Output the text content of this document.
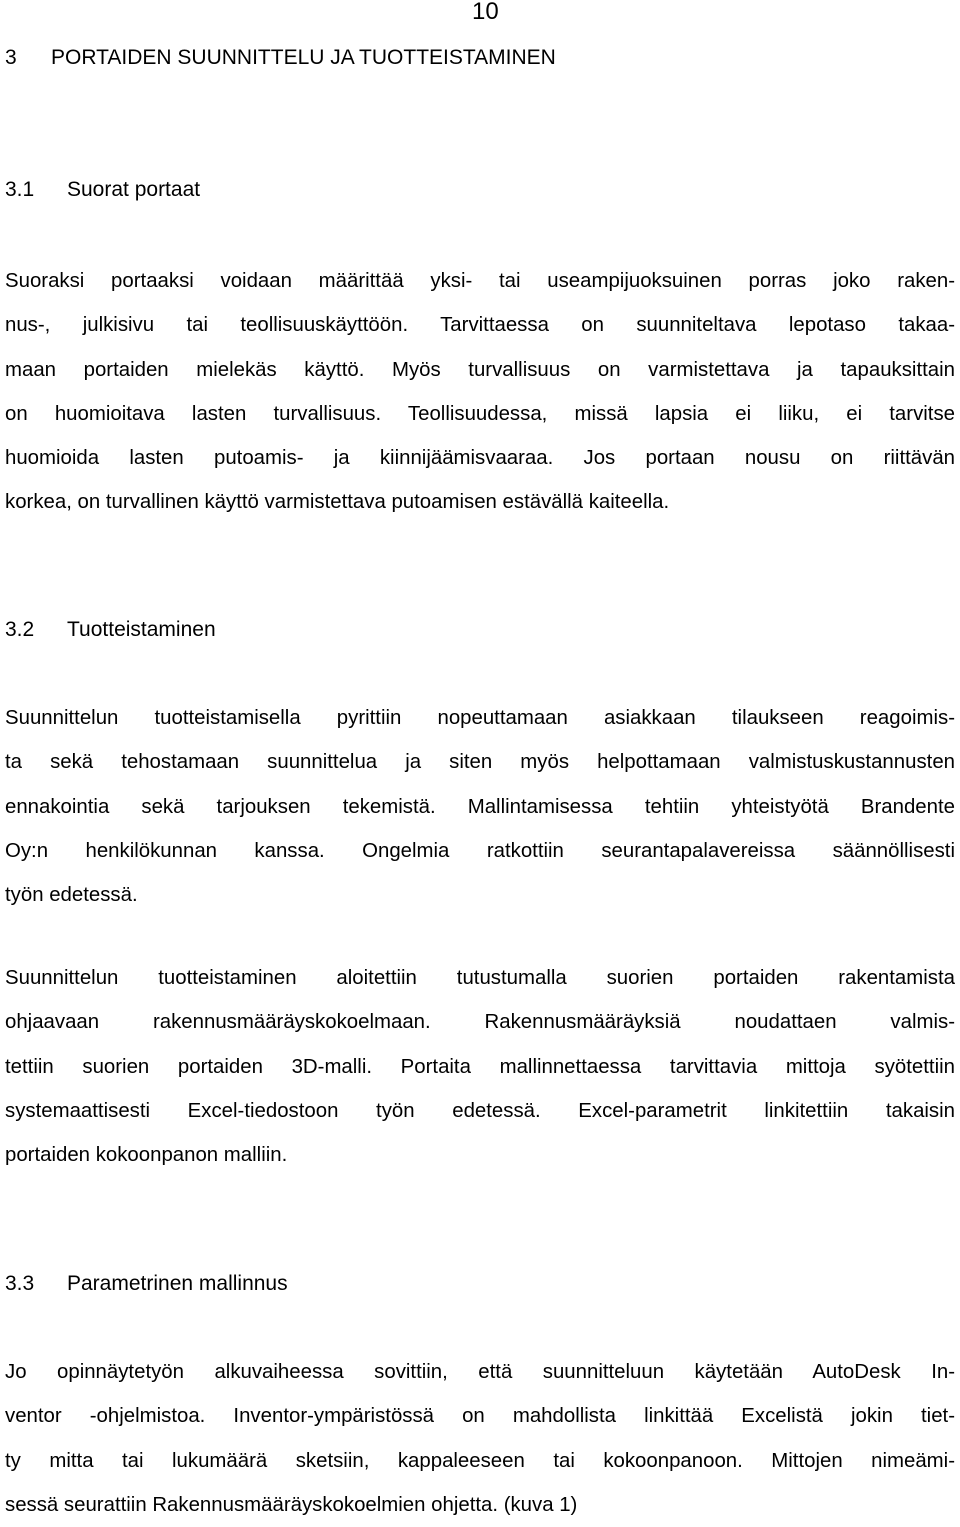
10
3 PORTAIDEN SUUNNITTELU JA TUOTTEISTAMINEN
3.1 Suorat portaat
Suoraksi portaaksi voidaan määrittää yksi- tai useampijuoksuinen porras joko raken-
nus-, julkisivu tai teollisuuskäyttöön. Tarvittaessa on suunniteltava lepotaso takaa-
maan portaiden mielekäs käyttö. Myös turvallisuus on varmistettava ja tapauksittain
on huomioitava lasten turvallisuus. Teollisuudessa, missä lapsia ei liiku, ei tarvitse
huomioida lasten putoamis- ja kiinnijäämisvaaraa. Jos portaan nousu on riittävän
korkea, on turvallinen käyttö varmistettava putoamisen estävällä kaiteella.
3.2 Tuotteistaminen
Suunnittelun tuotteistamisella pyrittiin nopeuttamaan asiakkaan tilaukseen reagoimis-
ta sekä tehostamaan suunnittelua ja siten myös helpottamaan valmistuskustannusten
ennakointia sekä tarjouksen tekemistä. Mallintamisessa tehtiin yhteistyötä Brandente
Oy:n henkilökunnan kanssa. Ongelmia ratkottiin seurantapalavereissa säännöllisesti
työn edetessä.
Suunnittelun tuotteistaminen aloitettiin tutustumalla suorien portaiden rakentamista
ohjaavaan rakennusmääräyskokoelmaan. Rakennusmääräyksiä noudattaen valmis-
tettiin suorien portaiden 3D-malli. Portaita mallinnettaessa tarvittavia mittoja syötettiin
systemaattisesti Excel-tiedostoon työn edetessä. Excel-parametrit linkitettiin takaisin
portaiden kokoonpanon malliin.
3.3 Parametrinen mallinnus
Jo opinnäytetyön alkuvaiheessa sovittiin, että suunnitteluun käytetään AutoDesk In-
ventor -ohjelmistoa. Inventor-ympäristössä on mahdollista linkittää Excelistä jokin tiet-
ty mitta tai lukumäärä sketsiin, kappaleeseen tai kokoonpanoon. Mittojen nimeämi-
sessä seurattiin Rakennusmääräyskokoelmien ohjetta. (kuva 1)
